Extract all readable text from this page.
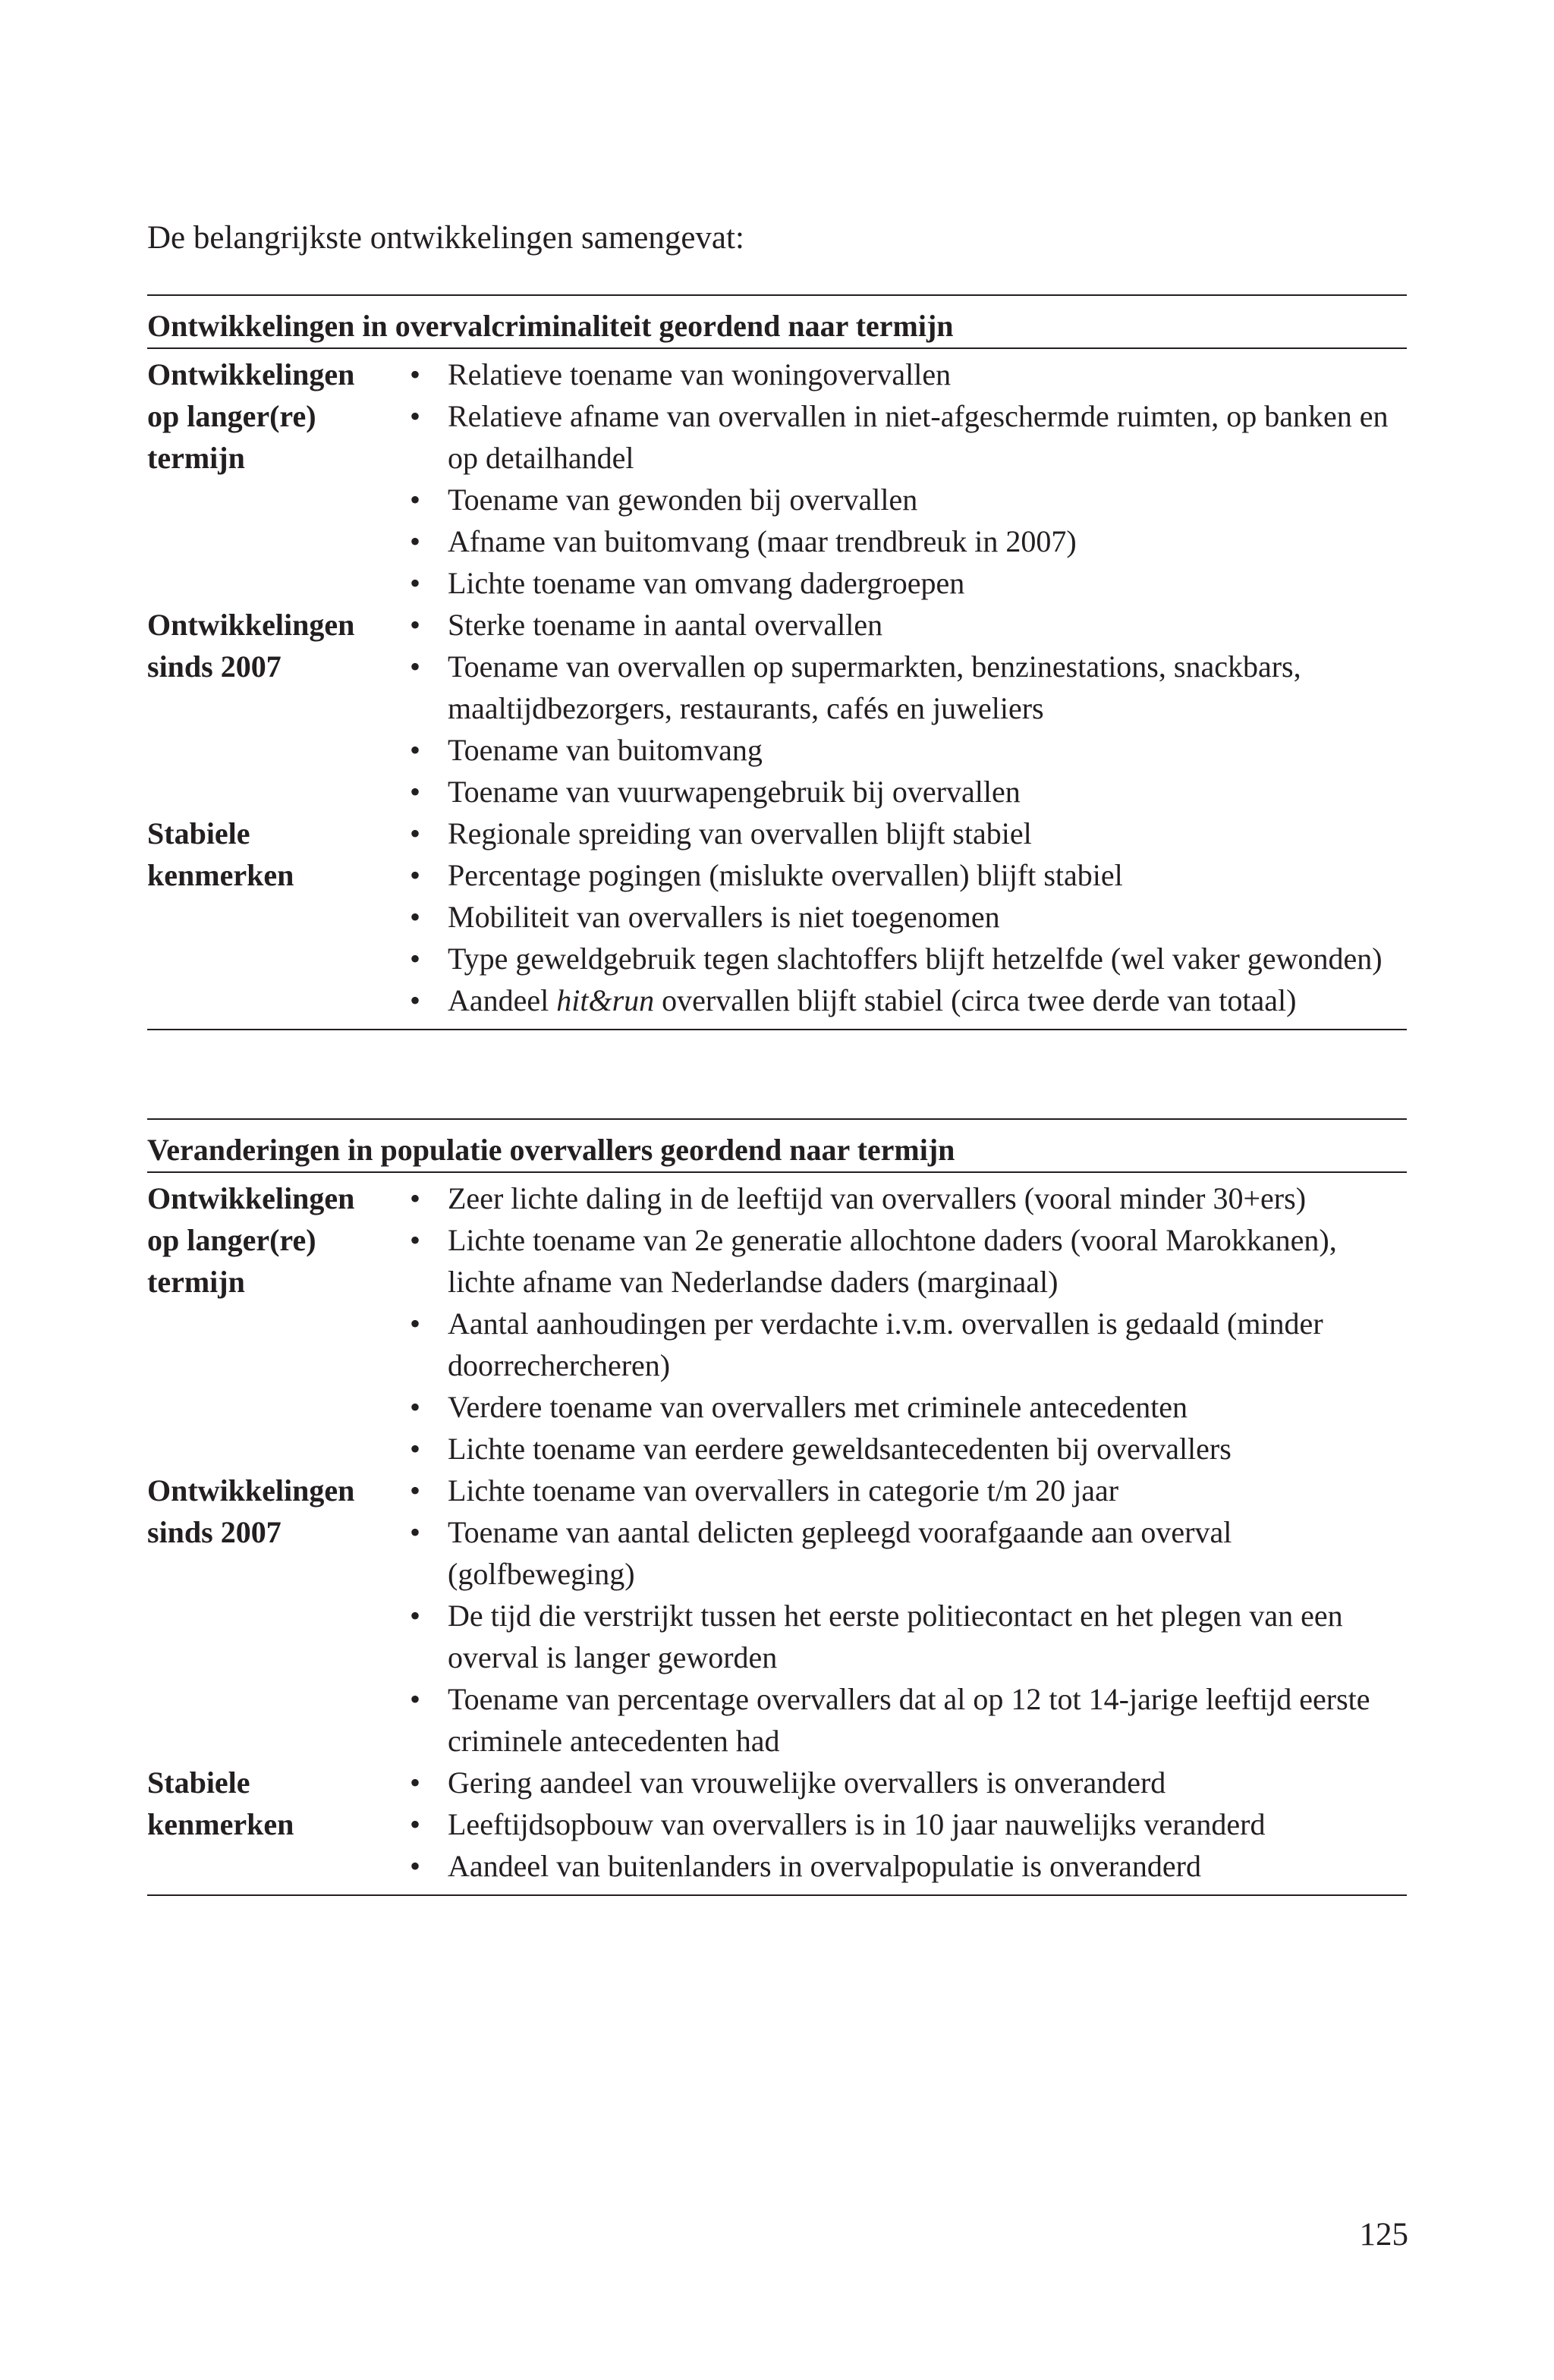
De belangrijkste ontwikkelingen samengevat:

Ontwikkelingen in overvalcriminaliteit geordend naar termijn
Ontwikkelingen
op langer(re)
termijn
• Relatieve toename van woningovervallen
• Relatieve afname van overvallen in niet-afgeschermde ruimten, op banken en op detailhandel
• Toename van gewonden bij overvallen
• Afname van buitomvang (maar trendbreuk in 2007)
• Lichte toename van omvang dadergroepen
Ontwikkelingen
sinds 2007
• Sterke toename in aantal overvallen
• Toename van overvallen op supermarkten, benzinestations, snackbars, maaltijdbezorgers, restaurants, cafés en juweliers
• Toename van buitomvang
• Toename van vuurwapengebruik bij overvallen
Stabiele
kenmerken
• Regionale spreiding van overvallen blijft stabiel
• Percentage pogingen (mislukte overvallen) blijft stabiel
• Mobiliteit van overvallers is niet toegenomen
• Type geweldgebruik tegen slachtoffers blijft hetzelfde (wel vaker gewonden)
• Aandeel hit&run overvallen blijft stabiel (circa twee derde van totaal)
Veranderingen in populatie overvallers geordend naar termijn
Ontwikkelingen
op langer(re)
termijn
• Zeer lichte daling in de leeftijd van overvallers (vooral minder 30+ers)
• Lichte toename van 2e generatie allochtone daders (vooral Marokkanen), lichte afname van Nederlandse daders (marginaal)
• Aantal aanhoudingen per verdachte i.v.m. overvallen is gedaald (minder doorrechercheren)
• Verdere toename van overvallers met criminele antecedenten
• Lichte toename van eerdere geweldsantecedenten bij overvallers
Ontwikkelingen
sinds 2007
• Lichte toename van overvallers in categorie t/m 20 jaar
• Toename van aantal delicten gepleegd voorafgaande aan overval (golfbeweging)
• De tijd die verstrijkt tussen het eerste politiecontact en het plegen van een overval is langer geworden
• Toename van percentage overvallers dat al op 12 tot 14-jarige leeftijd eerste criminele antecedenten had
Stabiele
kenmerken
• Gering aandeel van vrouwelijke overvallers is onveranderd
• Leeftijdsopbouw van overvallers is in 10 jaar nauwelijks veranderd
• Aandeel van buitenlanders in overvalpopulatie is onveranderd
125
